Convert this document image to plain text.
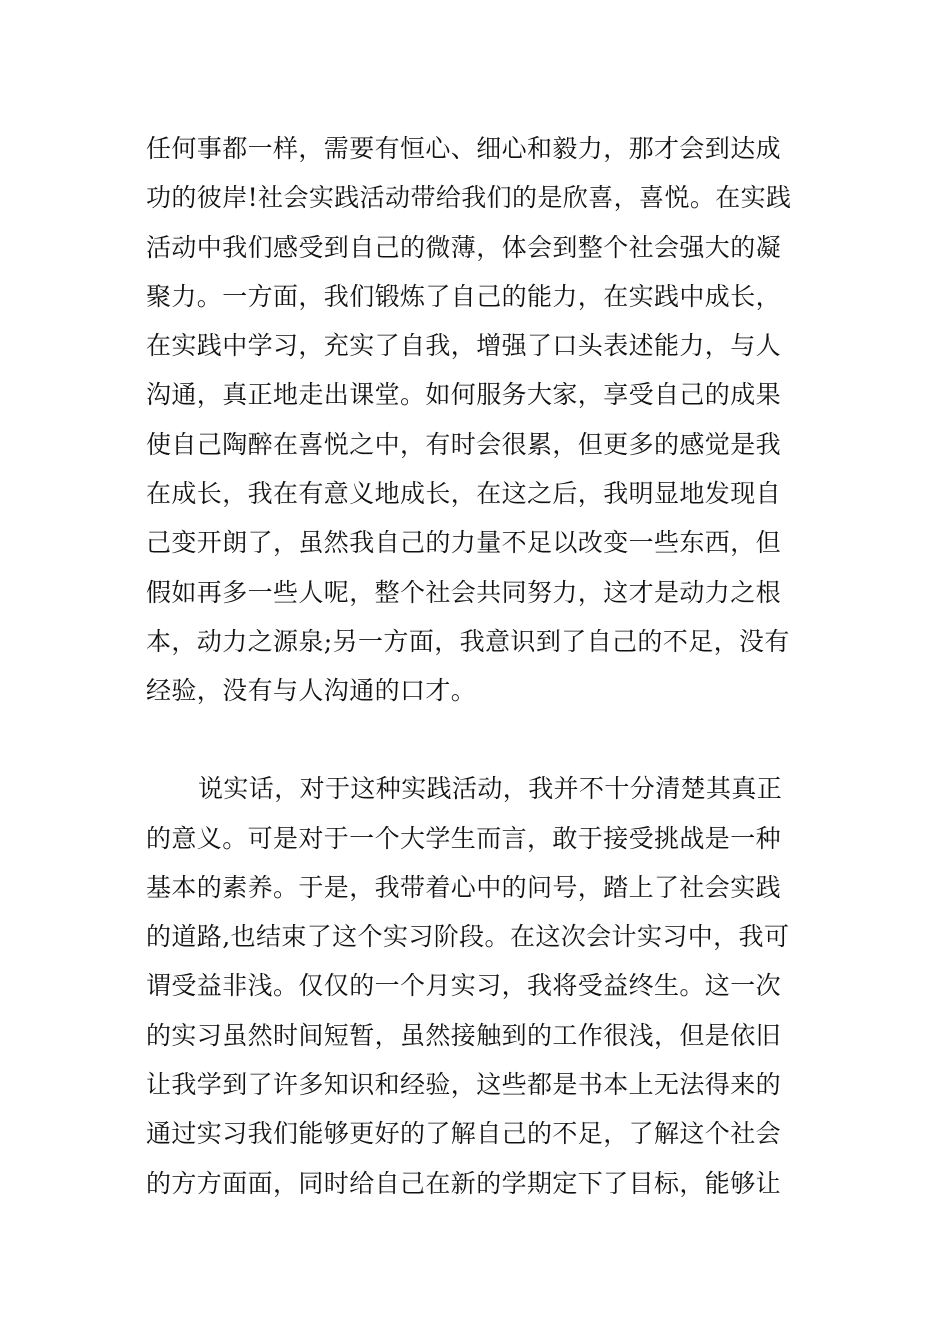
任何事都一样，需要有恒心、细心和毅力，那才会到达成
功的彼岸!社会实践活动带给我们的是欣喜，喜悦。在实践
活动中我们感受到自己的微薄，体会到整个社会强大的凝
聚力。一方面，我们锻炼了自己的能力，在实践中成长，
在实践中学习，充实了自我，增强了口头表述能力，与人
沟通，真正地走出课堂。如何服务大家，享受自己的成果
使自己陶醉在喜悦之中，有时会很累，但更多的感觉是我
在成长，我在有意义地成长，在这之后，我明显地发现自
己变开朗了，虽然我自己的力量不足以改变一些东西，但
假如再多一些人呢，整个社会共同努力，这才是动力之根
本，动力之源泉;另一方面，我意识到了自己的不足，没有
经验，没有与人沟通的口才。
说实话，对于这种实践活动，我并不十分清楚其真正
的意义。可是对于一个大学生而言，敢于接受挑战是一种
基本的素养。于是，我带着心中的问号，踏上了社会实践
的道路,也结束了这个实习阶段。在这次会计实习中，我可
谓受益非浅。仅仅的一个月实习，我将受益终生。这一次
的实习虽然时间短暂，虽然接触到的工作很浅，但是依旧
让我学到了许多知识和经验，这些都是书本上无法得来的
通过实习我们能够更好的了解自己的不足，了解这个社会
的方方面面，同时给自己在新的学期定下了目标，能够让
